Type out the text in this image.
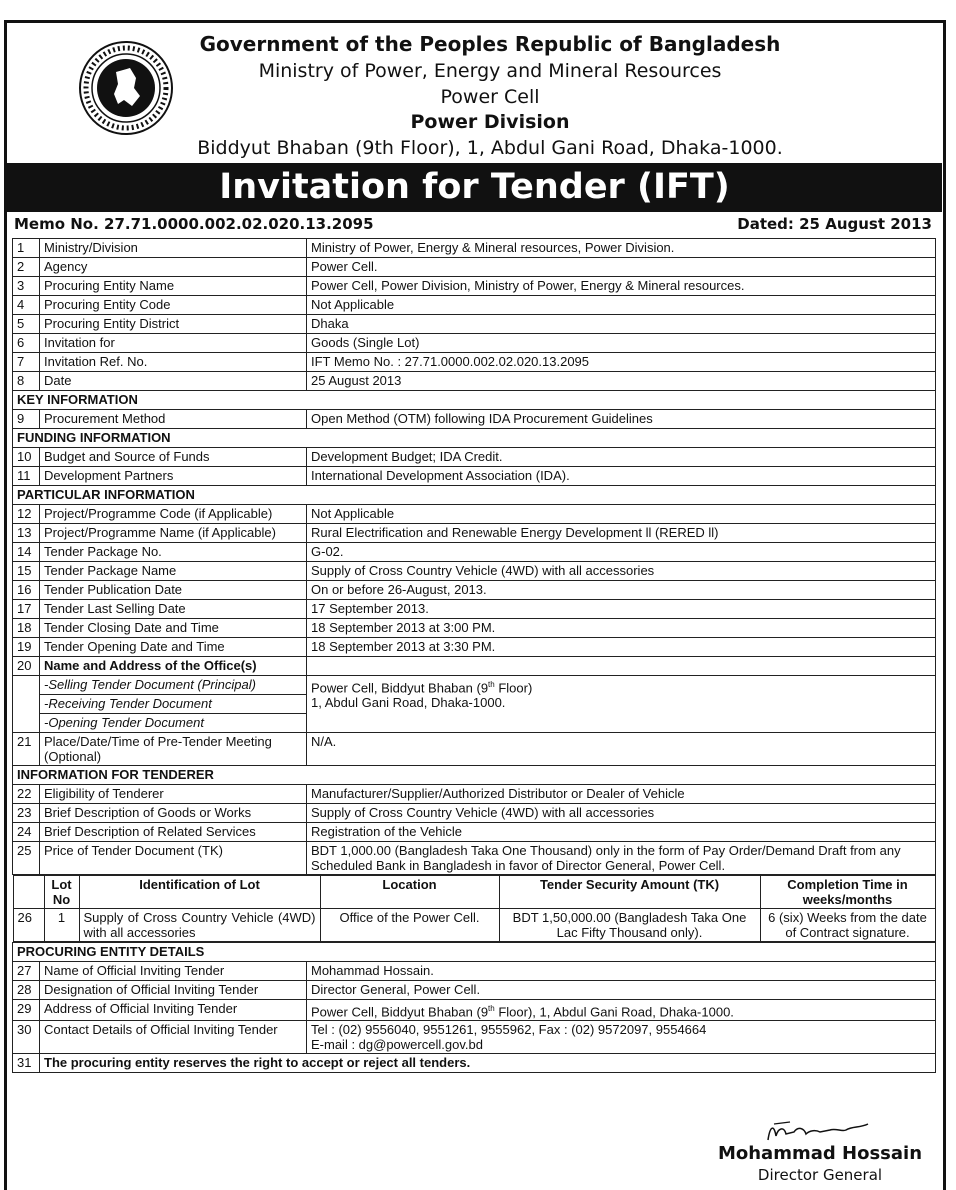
Government of the Peoples Republic of Bangladesh
Ministry of Power, Energy and Mineral Resources
Power Cell
Power Division
Biddyut Bhaban (9th Floor), 1, Abdul Gani Road, Dhaka-1000.
Invitation for Tender (IFT)
Memo No. 27.71.0000.002.02.020.13.2095	Dated: 25 August 2013
1	Ministry/Division	Ministry of Power, Energy & Mineral resources, Power Division.
2	Agency	Power Cell.
3	Procuring Entity Name	Power Cell, Power Division, Ministry of Power, Energy & Mineral resources.
4	Procuring Entity Code	Not Applicable
5	Procuring Entity District	Dhaka
6	Invitation for	Goods (Single Lot)
7	Invitation Ref. No.	IFT Memo No. : 27.71.0000.002.02.020.13.2095
8	Date	25 August 2013
KEY INFORMATION
9	Procurement Method	Open Method (OTM) following IDA Procurement Guidelines
FUNDING INFORMATION
10	Budget and Source of Funds	Development Budget; IDA Credit.
11	Development Partners	International Development Association (IDA).
PARTICULAR INFORMATION
12	Project/Programme Code (if Applicable)	Not Applicable
13	Project/Programme Name (if Applicable)	Rural Electrification and Renewable Energy Development ll (RERED ll)
14	Tender Package No.	G-02.
15	Tender Package Name	Supply of Cross Country Vehicle (4WD) with all accessories
16	Tender Publication Date	On or before 26-August, 2013.
17	Tender Last Selling Date	17 September 2013.
18	Tender Closing Date and Time	18 September 2013 at 3:00 PM.
19	Tender Opening Date and Time	18 September 2013 at 3:30 PM.
20	Name and Address of the Office(s)	
	-Selling Tender Document (Principal)	Power Cell, Biddyut Bhaban (9th Floor)
1, Abdul Gani Road, Dhaka-1000.
-Receiving Tender Document
-Opening Tender Document
21	Place/Date/Time of Pre-Tender Meeting (Optional)	N/A.
INFORMATION FOR TENDERER
22	Eligibility of Tenderer	Manufacturer/Supplier/Authorized Distributor or Dealer of Vehicle
23	Brief Description of Goods or Works	Supply of Cross Country Vehicle (4WD) with all accessories
24	Brief Description of Related Services	Registration of the Vehicle
25	Price of Tender Document (TK)	BDT 1,000.00 (Bangladesh Taka One Thousand) only in the form of Pay Order/Demand Draft from any Scheduled Bank in Bangladesh in favor of Director General, Power Cell.

	Lot No	Identification of Lot	Location	Tender Security Amount (TK)	Completion Time in weeks/months
26	1	Supply of Cross Country Vehicle (4WD) with all accessories	Office of the Power Cell.	BDT 1,50,000.00 (Bangladesh Taka One Lac Fifty Thousand only).	6 (six) Weeks from the date of Contract signature.

PROCURING ENTITY DETAILS
27	Name of Official Inviting Tender	Mohammad Hossain.
28	Designation of Official Inviting Tender	Director General, Power Cell.
29	Address of Official Inviting Tender	Power Cell, Biddyut Bhaban (9th Floor), 1, Abdul Gani Road, Dhaka-1000.
30	Contact Details of Official Inviting Tender	Tel : (02) 9556040, 9551261, 9555962, Fax : (02) 9572097, 9554664
E-mail : dg@powercell.gov.bd
31	The procuring entity reserves the right to accept or reject all tenders.
Mohammad Hossain
Director General
